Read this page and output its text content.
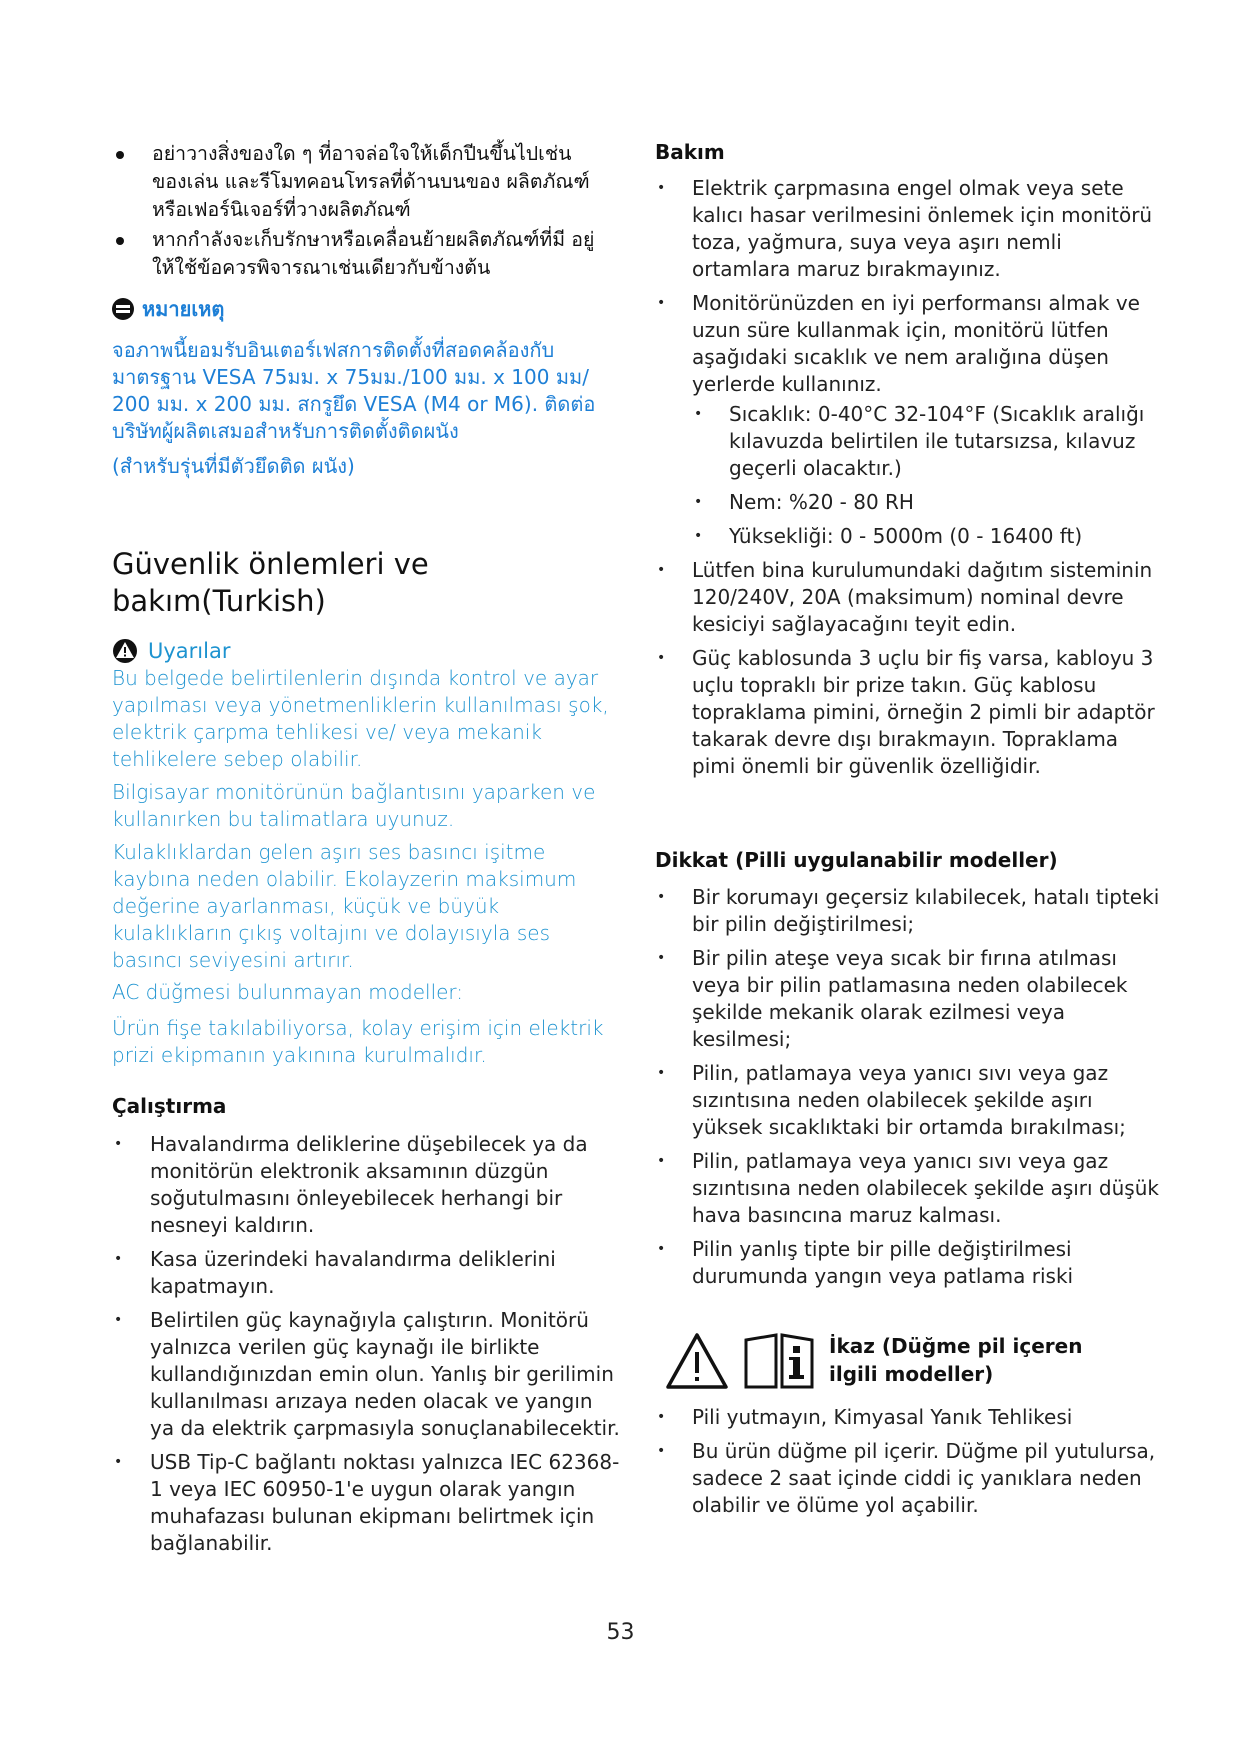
อย่าวางสิ่งของใด ๆ ที่อาจล่อใจให้เด็กปีนขึ้นไปเช่น ของเล่น และรีโมทคอนโทรลที่ด้านบนของ ผลิตภัณฑ์หรือเฟอร์นิเจอร์ที่วางผลิตภัณฑ์
หากกำลังจะเก็บรักษาหรือเคลื่อนย้ายผลิตภัณฑ์ที่มี อยู่ ให้ใช้ข้อควรพิจารณาเช่นเดียวกับข้างต้น
หมายเหตุ

จอภาพนี้ยอมรับอินเตอร์เฟสการติดตั้งที่สอดคล้องกับ มาตรฐาน VESA 75มม. x 75มม./100 มม. x 100 มม/ 200 มม. x 200 มม. สกรูยึด VESA (M4 or M6). ติดต่อ บริษัทผู้ผลิตเสมอสำหรับการติดตั้งติดผนัง

(สำหรับรุ่นที่มีตัวยึดติด ผนัง)

Güvenlik önlemleri ve bakım(Turkish)
Uyarılar

Bu belgede belirtilenlerin dışında kontrol ve ayar yapılması veya yönetmenliklerin kullanılması şok, elektrik çarpma tehlikesi ve/ veya mekanik tehlikelere sebep olabilir.

Bilgisayar monitörünün bağlantısını yaparken ve kullanırken bu talimatlara uyunuz.

Kulaklıklardan gelen aşırı ses basıncı işitme kaybına neden olabilir. Ekolayzerin maksimum değerine ayarlanması, küçük ve büyük kulaklıkların çıkış voltajını ve dolayısıyla ses basıncı seviyesini artırır.

AC düğmesi bulunmayan modeller:

Ürün fişe takılabiliyorsa, kolay erişim için elektrik prizi ekipmanın yakınına kurulmalıdır.

Çalıştırma
• Havalandırma deliklerine düşebilecek ya da monitörün elektronik aksamının düzgün soğutulmasını önleyebilecek herhangi bir nesneyi kaldırın.
• Kasa üzerindeki havalandırma deliklerini kapatmayın.
• Belirtilen güç kaynağıyla çalıştırın. Monitörü yalnızca verilen güç kaynağı ile birlikte kullandığınızdan emin olun. Yanlış bir gerilimin kullanılması arızaya neden olacak ve yangın ya da elektrik çarpmasıyla sonuçlanabilecektir.
• USB Tip-C bağlantı noktası yalnızca IEC 62368-1 veya IEC 60950-1'e uygun olarak yangın muhafazası bulunan ekipmanı belirtmek için bağlanabilir.
Bakım
• Elektrik çarpmasına engel olmak veya sete kalıcı hasar verilmesini önlemek için monitörü toza, yağmura, suya veya aşırı nemli ortamlara maruz bırakmayınız.
• Monitörünüzden en iyi performansı almak ve uzun süre kullanmak için, monitörü lütfen aşağıdaki sıcaklık ve nem aralığına düşen yerlerde kullanınız.
• Sıcaklık: 0-40°C 32-104°F (Sıcaklık aralığı kılavuzda belirtilen ile tutarsızsa, kılavuz geçerli olacaktır.)
• Nem: %20 - 80 RH
• Yüksekliği: 0 - 5000m (0 - 16400 ft)
• Lütfen bina kurulumundaki dağıtım sisteminin 120/240V, 20A (maksimum) nominal devre kesiciyi sağlayacağını teyit edin.
• Güç kablosunda 3 uçlu bir fiş varsa, kabloyu 3 uçlu topraklı bir prize takın. Güç kablosu topraklama pimini, örneğin 2 pimli bir adaptör takarak devre dışı bırakmayın. Topraklama pimi önemli bir güvenlik özelliğidir.
Dikkat (Pilli uygulanabilir modeller)
• Bir korumayı geçersiz kılabilecek, hatalı tipteki bir pilin değiştirilmesi;
• Bir pilin ateşe veya sıcak bir fırına atılması veya bir pilin patlamasına neden olabilecek şekilde mekanik olarak ezilmesi veya kesilmesi;
• Pilin, patlamaya veya yanıcı sıvı veya gaz sızıntısına neden olabilecek şekilde aşırı yüksek sıcaklıktaki bir ortamda bırakılması;
• Pilin, patlamaya veya yanıcı sıvı veya gaz sızıntısına neden olabilecek şekilde aşırı düşük hava basıncına maruz kalması.
• Pilin yanlış tipte bir pille değiştirilmesi durumunda yangın veya patlama riski
İkaz (Düğme pil içeren ilgili modeller)
• Pili yutmayın, Kimyasal Yanık Tehlikesi
• Bu ürün düğme pil içerir. Düğme pil yutulursa, sadece 2 saat içinde ciddi iç yanıklara neden olabilir ve ölüme yol açabilir.
53
